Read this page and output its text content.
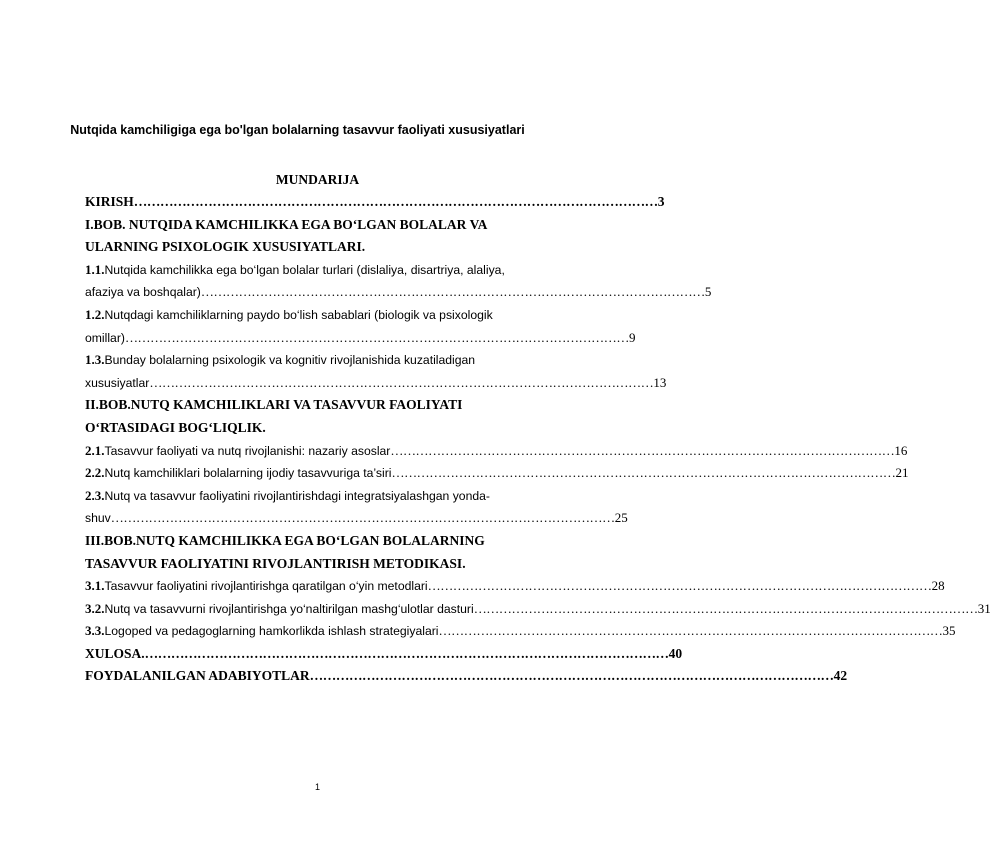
Nutqida kamchiligiga ega bo'lgan bolalarning tasavvur faoliyati xususiyatlari
MUNDARIJA
KIRISH………………………………………………………………………………………………………… 3
I.BOB. NUTQIDA KAMCHILIKKA EGA BO‘LGAN BOLALAR VA
ULARNING PSIXOLOGIK XUSUSIYATLARI.
1.1.Nutqida kamchilikka ega bo‘lgan bolalar turlari (dislaliya, disartriya, alaliya,
afaziya va boshqalar)………………………………………………………………………………………………………… 5
1.2.Nutqdagi kamchiliklarning paydo bo‘lish sabablari (biologik va psixologik
omillar)………………………………………………………………………………………………………… 9
1.3.Bunday bolalarning psixologik va kognitiv rivojlanishida kuzatiladigan
xususiyatlar………………………………………………………………………………………………………… 13
II.BOB.NUTQ KAMCHILIKLARI VA TASAVVUR FAOLIYATI
O‘RTASIDAGI BOG‘LIQLIK.
2.1.Tasavvur faoliyati va nutq rivojlanishi: nazariy asoslar………………………………………………………………………………………………………… 16
2.2.Nutq kamchiliklari bolalarning ijodiy tasavvuriga ta’siri………………………………………………………………………………………………………… 21
2.3.Nutq va tasavvur faoliyatini rivojlantirishdagi integratsiyalashgan yonda-
shuv………………………………………………………………………………………………………… 25
III.BOB.NUTQ KAMCHILIKKA EGA BO‘LGAN BOLALARNING
TASAVVUR FAOLIYATINI RIVOJLANTIRISH METODIKASI.
3.1.Tasavvur faoliyatini rivojlantirishga qaratilgan o‘yin metodlari………………………………………………………………………………………………………… 28
3.2.Nutq va tasavvurni rivojlantirishga yo‘naltirilgan mashg‘ulotlar dasturi………………………………………………………………………………………………………… 31
3.3.Logoped va pedagoglarning hamkorlikda ishlash strategiyalari………………………………………………………………………………………………………… 35
XULOSA.………………………………………………………………………………………………………… 40
FOYDALANILGAN ADABIYOTLAR………………………………………………………………………………………………………… 42
1
